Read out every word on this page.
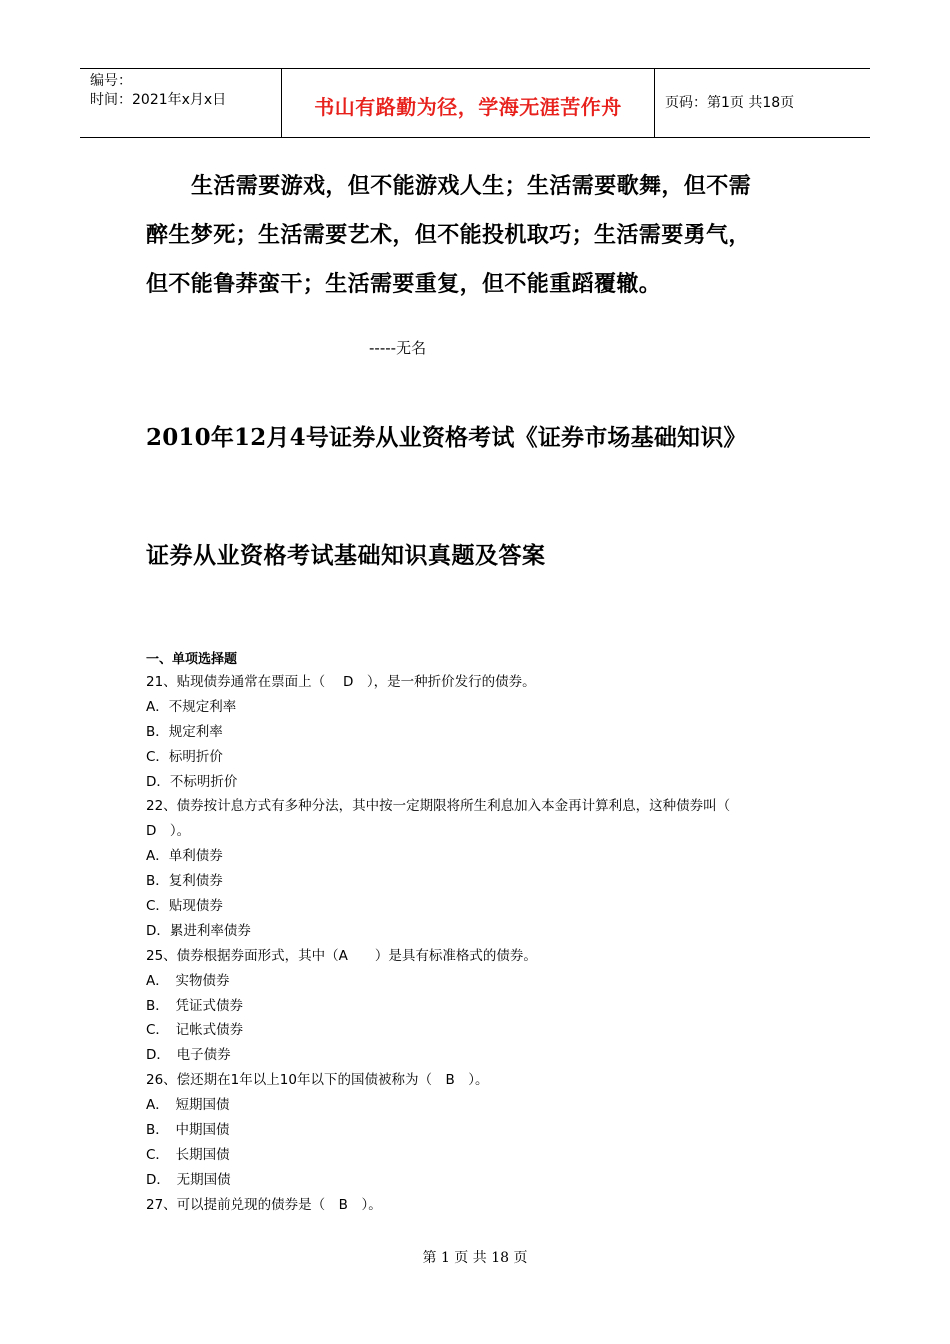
编号：
时间：2021年x月x日	书山有路勤为径，学海无涯苦作舟	页码：第1页 共18页
生活需要游戏，但不能游戏人生；生活需要歌舞，但不需
醉生梦死；生活需要艺术，但不能投机取巧；生活需要勇气，
但不能鲁莽蛮干；生活需要重复，但不能重蹈覆辙。
-----无名
2010年12月4号证券从业资格考试《证券市场基础知识》
证券从业资格考试基础知识真题及答案
一、单项选择题
21、贴现债券通常在票面上（　 D　），是一种折价发行的债券。
A．不规定利率
B．规定利率
C．标明折价
D．不标明折价
22、债券按计息方式有多种分法，其中按一定期限将所生利息加入本金再计算利息，这种债券叫（
D　）。
A．单利债券
B．复利债券
C．贴现债券
D．累进利率债券
25、债券根据券面形式，其中（A　　）是具有标准格式的债券。
A．　实物债券
B．　凭证式债券
C．　记帐式债券
D．　电子债券
26、偿还期在1年以上10年以下的国债被称为（　B　）。
A．　短期国债
B．　中期国债
C．　长期国债
D．　无期国债
27、可以提前兑现的债券是（　B　）。
第 1 页 共 18 页
